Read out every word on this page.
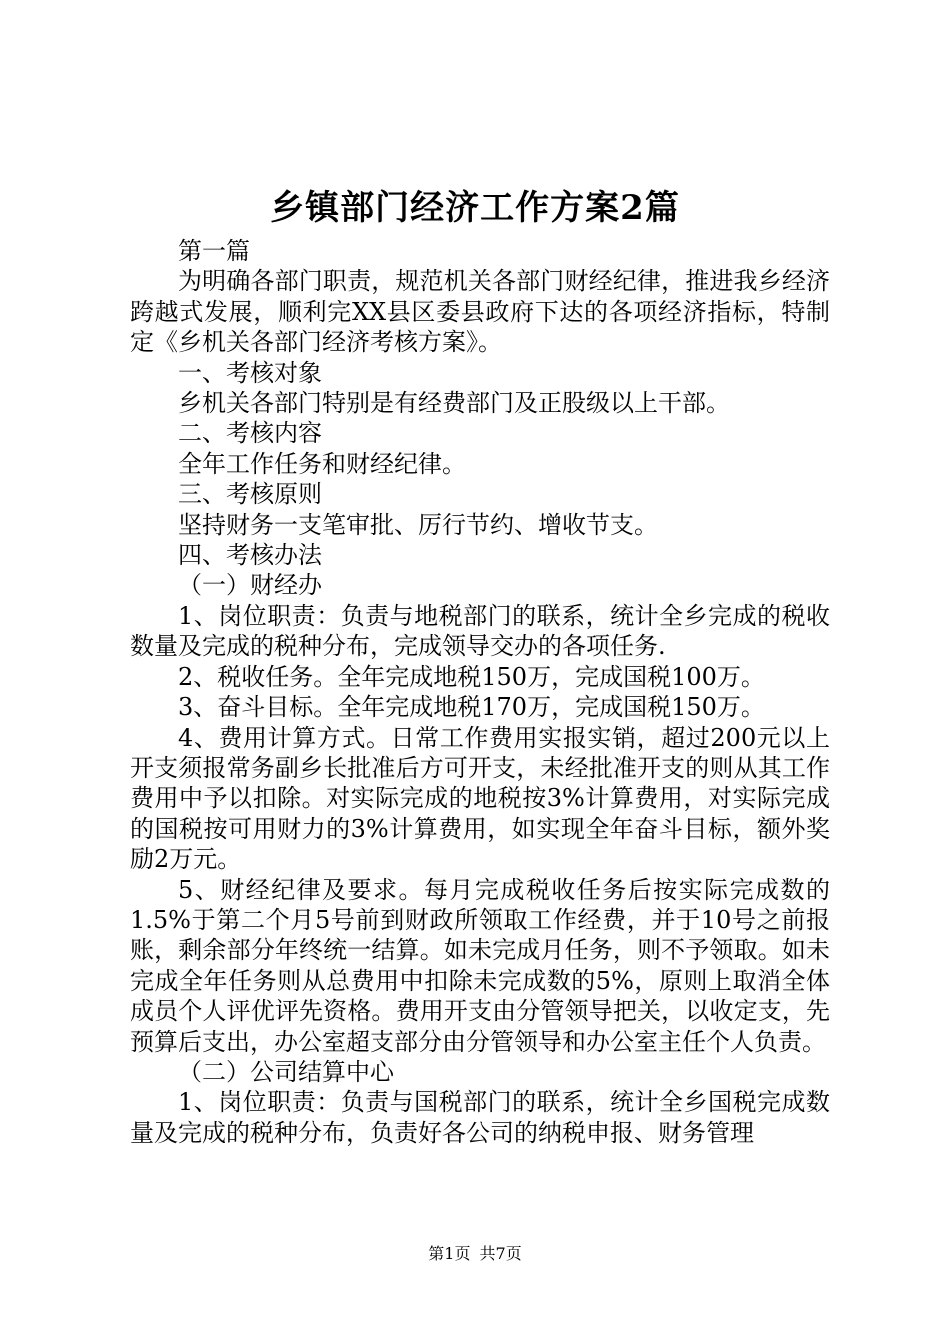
乡镇部门经济工作方案2篇

第一篇

为明确各部门职责，规范机关各部门财经纪律，推进我乡经济跨越式发展，顺利完XX县区委县政府下达的各项经济指标，特制定《乡机关各部门经济考核方案》。

一、考核对象

乡机关各部门特别是有经费部门及正股级以上干部。

二、考核内容

全年工作任务和财经纪律。

三、考核原则

坚持财务一支笔审批、厉行节约、增收节支。

四、考核办法

（一）财经办

1、岗位职责：负责与地税部门的联系，统计全乡完成的税收数量及完成的税种分布，完成领导交办的各项任务.

2、税收任务。全年完成地税150万，完成国税100万。

3、奋斗目标。全年完成地税170万，完成国税150万。

4、费用计算方式。日常工作费用实报实销，超过200元以上开支须报常务副乡长批准后方可开支，未经批准开支的则从其工作费用中予以扣除。对实际完成的地税按3%计算费用，对实际完成的国税按可用财力的3%计算费用，如实现全年奋斗目标，额外奖励2万元。

5、财经纪律及要求。每月完成税收任务后按实际完成数的1.5%于第二个月5号前到财政所领取工作经费，并于10号之前报账，剩余部分年终统一结算。如未完成月任务，则不予领取。如未完成全年任务则从总费用中扣除未完成数的5%，原则上取消全体成员个人评优评先资格。费用开支由分管领导把关，以收定支，先预算后支出，办公室超支部分由分管领导和办公室主任个人负责。

（二）公司结算中心

1、岗位职责：负责与国税部门的联系，统计全乡国税完成数量及完成的税种分布，负责好各公司的纳税申报、财务管理

第1页 共7页
